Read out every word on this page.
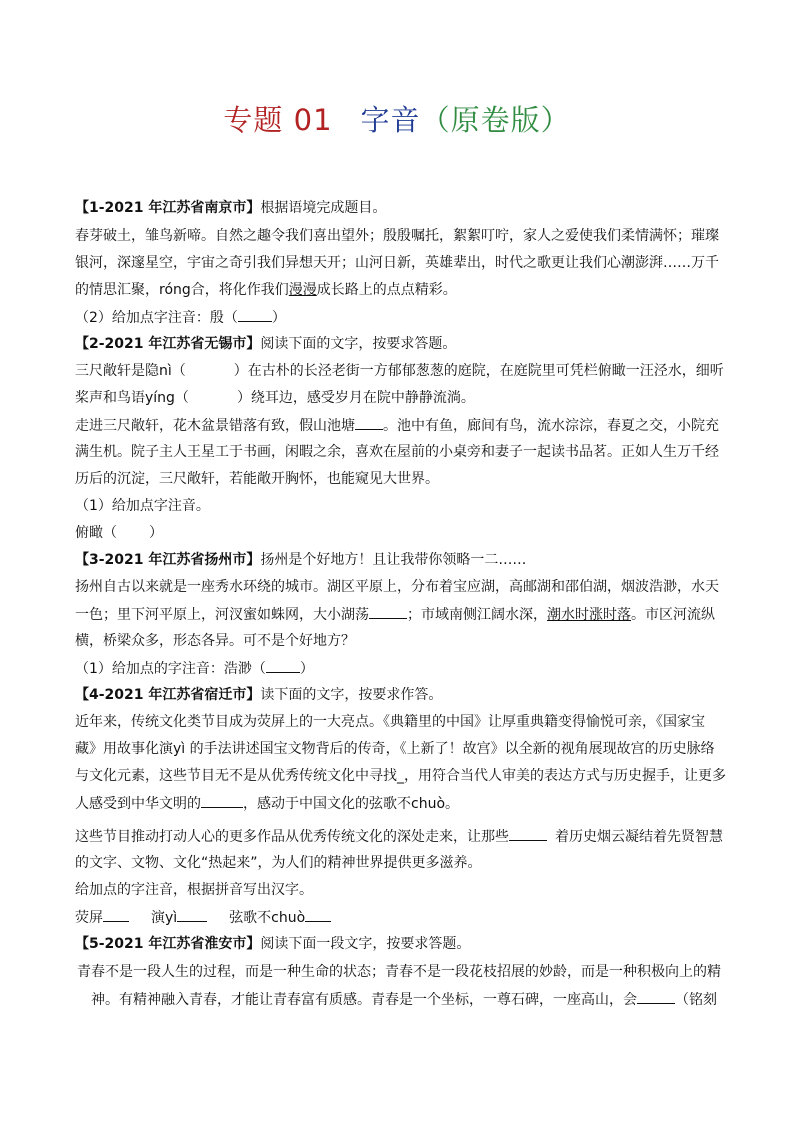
专题 01 字音（原卷版）
【1-2021 年江苏省南京市】根据语境完成题目。
春芽破土，雏鸟新啼。自然之趣令我们喜出望外；殷殷嘱托，絮絮叮咛，家人之爱使我们柔情满怀；璀璨
银河，深邃星空，宇宙之奇引我们异想天开；山河日新，英雄辈出，时代之歌更让我们心潮澎湃……万千
的情思汇聚，róng合，将化作我们漫漫成长路上的点点精彩。
（2）给加点字注音：殷（ ）
【2-2021 年江苏省无锡市】阅读下面的文字，按要求答题。
三尺敞轩是隐nì（	）在古朴的长泾老街一方郁郁葱葱的庭院，在庭院里可凭栏俯瞰一汪泾水，细听
桨声和鸟语yíng（	）绕耳边，感受岁月在院中静静流淌。
走进三尺敞轩，花木盆景错落有致，假山池塘 。池中有鱼，廊间有鸟，流水淙淙，春夏之交，小院充
满生机。院子主人王星工于书画，闲暇之余，喜欢在屋前的小桌旁和妻子一起读书品茗。正如人生万千经
历后的沉淀，三尺敞轩，若能敞开胸怀，也能窥见大世界。
（1）给加点字注音。
俯瞰（ ）
【3-2021 年江苏省扬州市】扬州是个好地方！且让我带你领略一二……
扬州自古以来就是一座秀水环绕的城市。湖区平原上，分布着宝应湖，高邮湖和邵伯湖，烟波浩渺，水天
一色；里下河平原上，河汊蜜如蛛网，大小湖荡	；市域南侧江阔水深，潮水时涨时落。市区河流纵
横，桥梁众多，形态各异。可不是个好地方？
（1）给加点的字注音：浩渺（ ）
【4-2021 年江苏省宿迁市】读下面的文字，按要求作答。
近年来，传统文化类节目成为荧屏上的一大亮点。《典籍里的中国》让厚重典籍变得愉悦可亲，《国家宝
藏》用故事化演yì 的手法讲述国宝文物背后的传奇，《上新了！故宫》以全新的视角展现故宫的历史脉络
与文化元素，这些节目无不是从优秀传统文化中寻找_，用符合当代人审美的表达方式与历史握手，让更多
人感受到中华文明的	，感动于中国文化的弦歌不chuò。
这些节目推动打动人心的更多作品从优秀传统文化的深处走来，让那些	着历史烟云凝结着先贤智慧
的文字、文物、文化“热起来”，为人们的精神世界提供更多滋养。
给加点的字注音，根据拼音写出汉字。
荧屏	演yì	弦歌不chuò
【5-2021 年江苏省淮安市】阅读下面一段文字，按要求答题。
青春不是一段人生的过程，而是一种生命的状态；青春不是一段花枝招展的妙龄，而是一种积极向上的精
神。有精神融入青春，才能让青春富有质感。青春是一个坐标，一尊石碑，一座高山，会	（铭刻
